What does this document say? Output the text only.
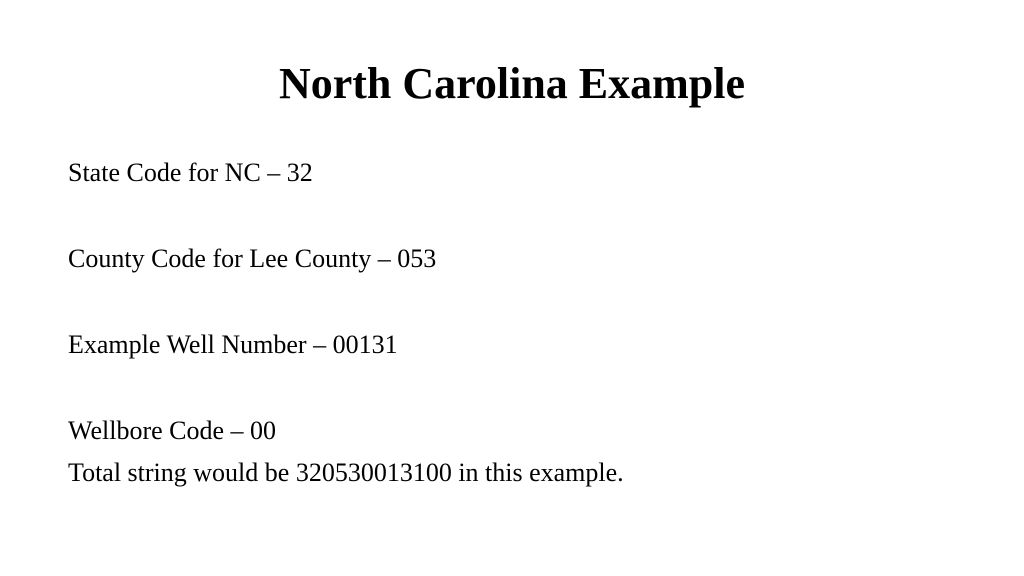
North Carolina Example
State Code for NC – 32
County Code for Lee County – 053
Example Well Number – 00131
Wellbore Code – 00
Total string would be 320530013100 in this example.
